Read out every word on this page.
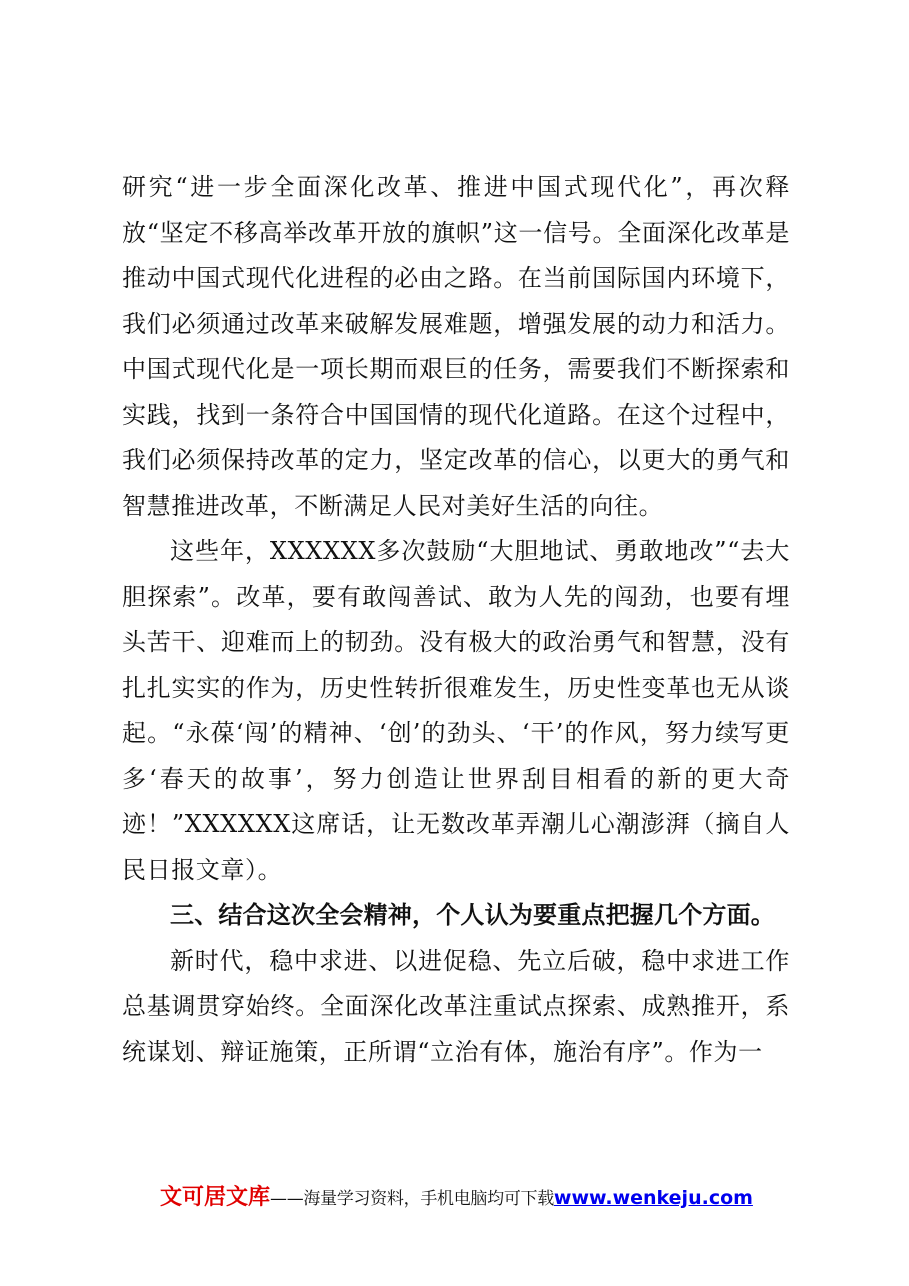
研究“进一步全面深化改革、推进中国式现代化”，再次释放“坚定不移高举改革开放的旗帜”这一信号。全面深化改革是推动中国式现代化进程的必由之路。在当前国际国内环境下，我们必须通过改革来破解发展难题，增强发展的动力和活力。中国式现代化是一项长期而艰巨的任务，需要我们不断探索和实践，找到一条符合中国国情的现代化道路。在这个过程中，我们必须保持改革的定力，坚定改革的信心，以更大的勇气和智慧推进改革，不断满足人民对美好生活的向往。

这些年，XXXXXX多次鼓励“大胆地试、勇敢地改”“去大胆探索”。改革，要有敢闯善试、敢为人先的闯劲，也要有埋头苦干、迎难而上的韧劲。没有极大的政治勇气和智慧，没有扎扎实实的作为，历史性转折很难发生，历史性变革也无从谈起。“永葆‘闯’的精神、‘创’的劲头、‘干’的作风，努力续写更多‘春天的故事’，努力创造让世界刮目相看的新的更大奇迹！”XXXXXX这席话，让无数改革弄潮儿心潮澎湃（摘自人民日报文章）。

三、结合这次全会精神，个人认为要重点把握几个方面。

新时代，稳中求进、以进促稳、先立后破，稳中求进工作总基调贯穿始终。全面深化改革注重试点探索、成熟推开，系统谋划、辩证施策，正所谓“立治有体，施治有序”。作为一

文可居文库——海量学习资料，手机电脑均可下载www.wenkeju.com
